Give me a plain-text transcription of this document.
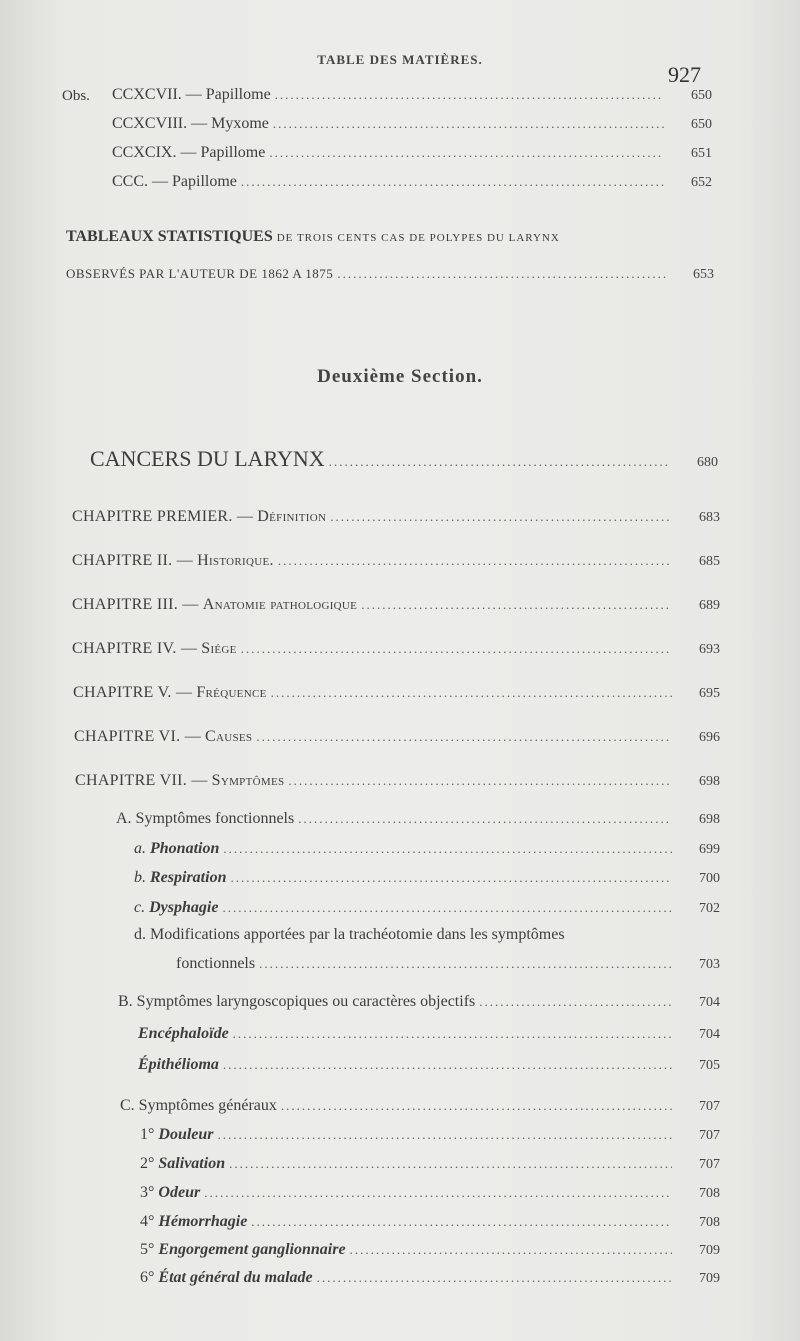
TABLE DES MATIÈRES.
927
Obs. CCXCVII. — Papillome .....	650
CCXCVIII. — Myxome .....	650
CCXCIX. — Papillome .....	651
CCC. — Papillome .....	652
TABLEAUX STATISTIQUES DE TROIS CENTS CAS DE POLYPES DU LARYNX
OBSERVÉS PAR L'AUTEUR DE 1862 A 1875 .....	653
Deuxième Section.
CANCERS DU LARYNX .....	680
CHAPITRE PREMIER. —
Définition .....	683
CHAPITRE II. —
Historique. .....	685
CHAPITRE III. —
Anatomie pathologique .....	689
CHAPITRE IV. —
Siége .....	693
CHAPITRE V. —
Fréquence .....	695
CHAPITRE VI. —
Causes .....	696
CHAPITRE VII. —
Symptômes .....	698
A. Symptômes fonctionnels .....	698
a.
Phonation .....	699
b.
Respiration .....	700
c.
Dysphagie .....	702
d. Modifications apportées par la trachéotomie dans les symptômes
fonctionnels .....	703
B. Symptômes laryngoscopiques ou caractères objectifs .....	704
Encéphaloïde .....	704
Épithélioma .....	705
C. Symptômes généraux .....	707
1°
Douleur .....	707
2°
Salivation .....	707
3°
Odeur .....	708
4°
Hémorrhagie .....	708
5°
Engorgement ganglionnaire .....	709
6°
État général du malade .....	709
